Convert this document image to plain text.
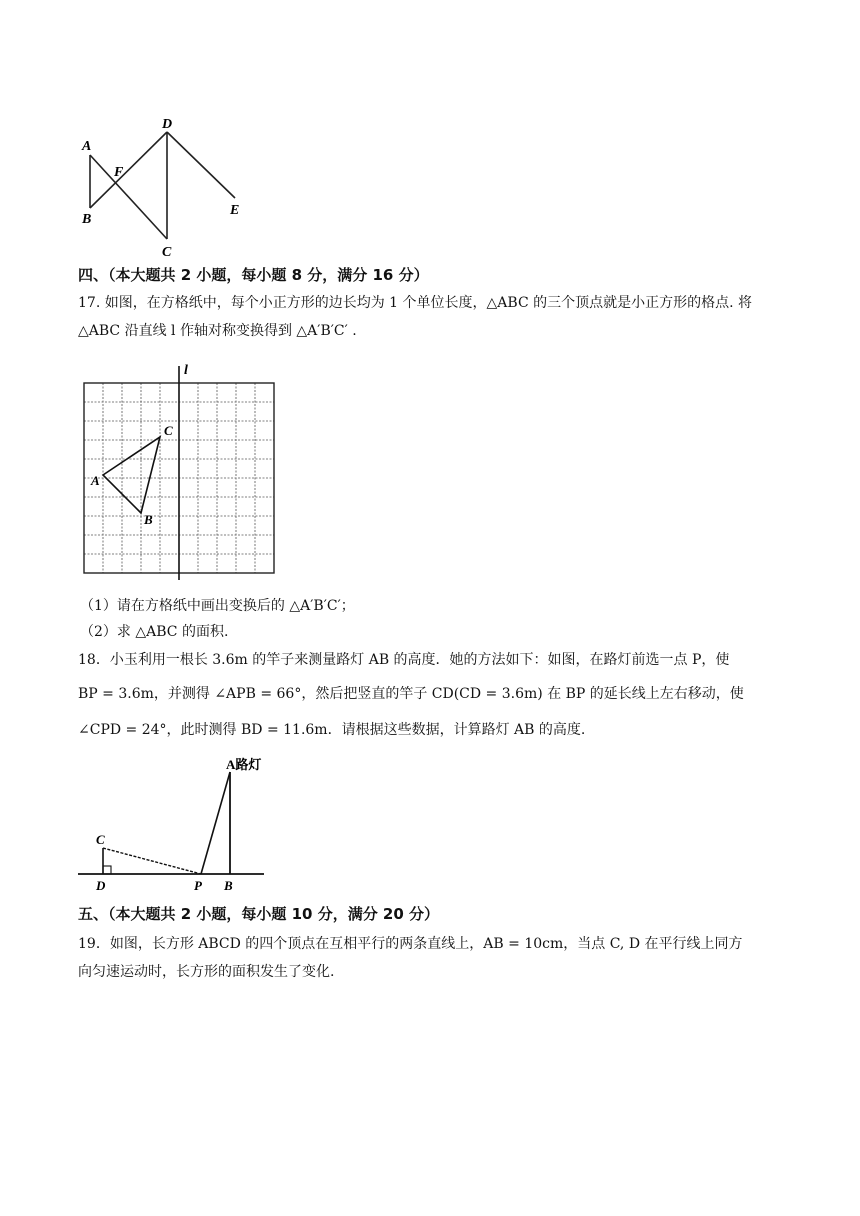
A
B
D
C
E
F
四、（本大题共 2 小题，每小题 8 分，满分 16 分）
17. 如图，在方格纸中，每个小正方形的边长均为 1 个单位长度，△ABC 的三个顶点就是小正方形的格点. 将
△ABC 沿直线 l 作轴对称变换得到 △A′B′C′ .
l
A
B
C
（1）请在方格纸中画出变换后的 △A′B′C′；
（2）求 △ABC 的面积.
18．小玉利用一根长 3.6m 的竿子来测量路灯 AB 的高度．她的方法如下：如图，在路灯前选一点 P，使
BP = 3.6m，并测得 ∠APB = 66°，然后把竖直的竿子 CD(CD = 3.6m) 在 BP 的延长线上左右移动，使
∠CPD = 24°，此时测得 BD = 11.6m．请根据这些数据，计算路灯 AB 的高度.
A路灯
C
D	P B
五、（本大题共 2 小题，每小题 10 分，满分 20 分）
19．如图，长方形 ABCD 的四个顶点在互相平行的两条直线上，AB = 10cm，当点 C, D 在平行线上同方
向匀速运动时，长方形的面积发生了变化.
